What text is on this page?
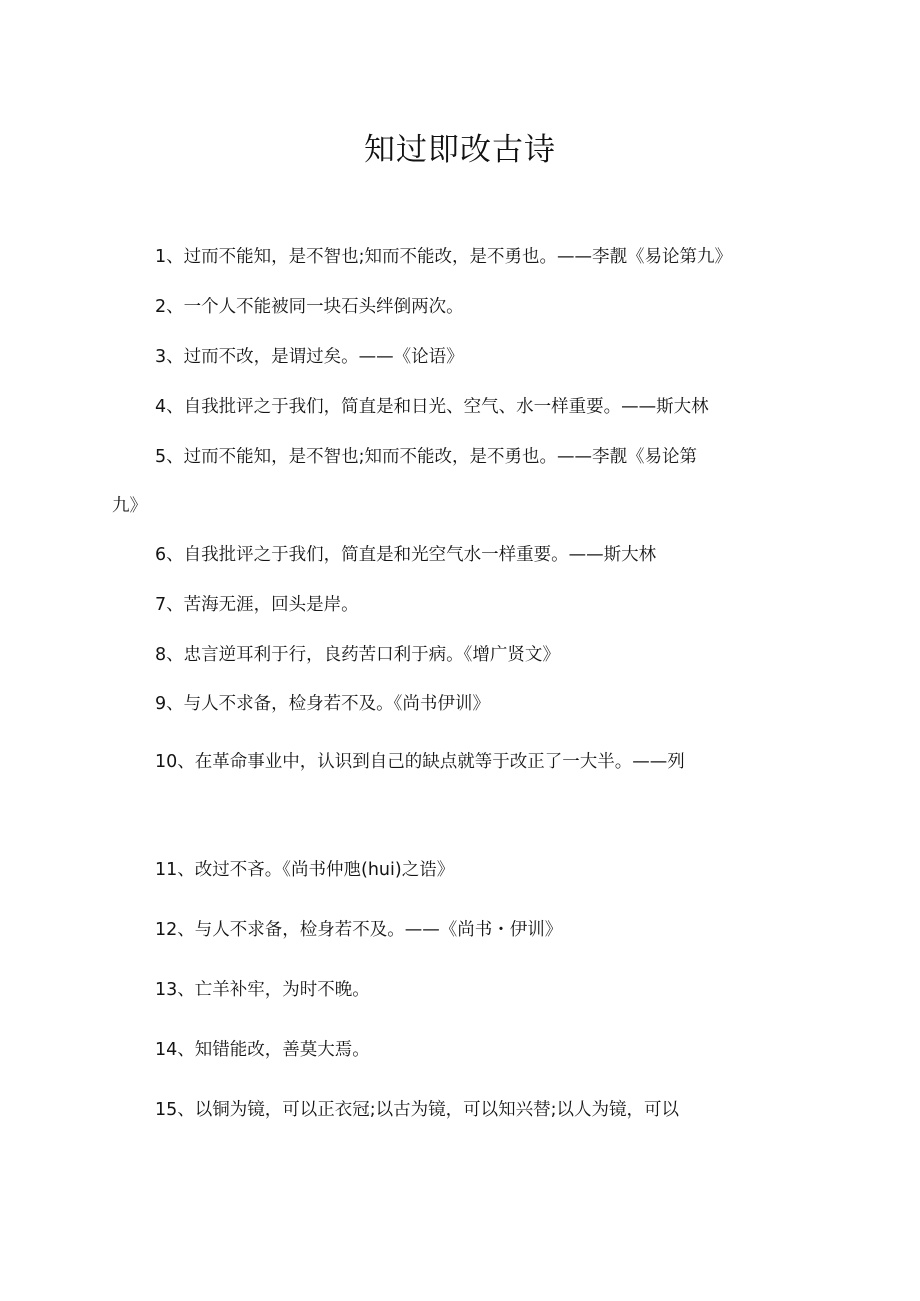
知过即改古诗
1、过而不能知，是不智也;知而不能改，是不勇也。——李靓《易论第九》
2、一个人不能被同一块石头绊倒两次。
3、过而不改，是谓过矣。——《论语》
4、自我批评之于我们，简直是和日光、空气、水一样重要。——斯大林
5、过而不能知，是不智也;知而不能改，是不勇也。——李靓《易论第
九》
6、自我批评之于我们，简直是和光空气水一样重要。——斯大林
7、苦海无涯，回头是岸。
8、忠言逆耳利于行，良药苦口利于病。《增广贤文》
9、与人不求备，检身若不及。《尚书伊训》
10、在革命事业中，认识到自己的缺点就等于改正了一大半。——列
11、改过不吝。《尚书仲虺(hui)之诰》
12、与人不求备，检身若不及。——《尚书・伊训》
13、亡羊补牢，为时不晚。
14、知错能改，善莫大焉。
15、以铜为镜，可以正衣冠;以古为镜，可以知兴替;以人为镜，可以
